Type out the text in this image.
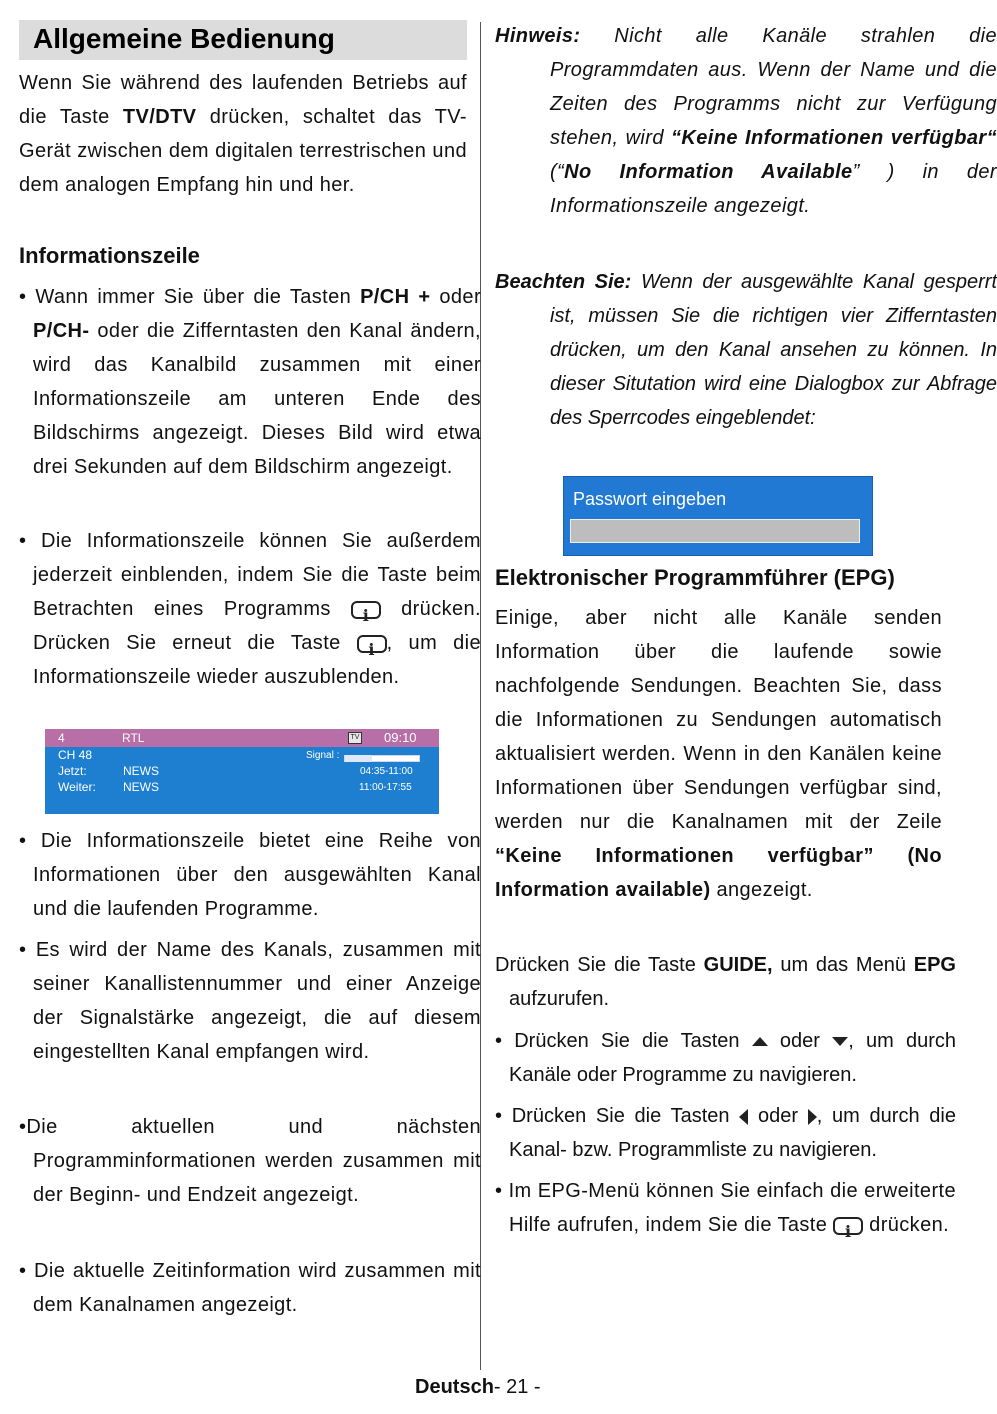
Allgemeine Bedienung
Wenn Sie während des laufenden Betriebs auf die Taste TV/DTV drücken, schaltet das TV-Gerät zwischen dem digitalen terrestrischen und dem analogen Empfang hin und her.
Informationszeile
• Wann immer Sie über die Tasten P/CH + oder P/CH- oder die Zifferntasten den Kanal ändern, wird das Kanalbild zusammen mit einer Informationszeile am unteren Ende des Bildschirms angezeigt. Dieses Bild wird etwa drei Sekunden auf dem Bildschirm angezeigt.
• Die Informationszeile können Sie außerdem jederzeit einblenden, indem Sie die Taste beim Betrachten eines Programms i drücken. Drücken Sie erneut die Taste i, um die Informationszeile wieder auszublenden.
4	RTL	TV 09:10
CH 48	Signal :
Jetzt:	NEWS	04:35-11:00
Weiter: NEWS	11:00-17:55
• Die Informationszeile bietet eine Reihe von Informationen über den ausgewählten Kanal und die laufenden Programme.
• Es wird der Name des Kanals, zusammen mit seiner Kanallistennummer und einer Anzeige der Signalstärke angezeigt, die auf diesem eingestellten Kanal empfangen wird.
•Die aktuellen und nächsten Programminformationen werden zusammen mit der Beginn- und Endzeit angezeigt.
• Die aktuelle Zeitinformation wird zusammen mit dem Kanalnamen angezeigt.
Hinweis: Nicht alle Kanäle strahlen die Programmdaten aus. Wenn der Name und die Zeiten des Programms nicht zur Verfügung stehen, wird “Keine Informationen verfügbar“ (“No Information Available” ) in der Informationszeile angezeigt.
Beachten Sie: Wenn der ausgewählte Kanal gesperrt ist, müssen Sie die richtigen vier Zifferntasten drücken, um den Kanal ansehen zu können. In dieser Situtation wird eine Dialogbox zur Abfrage des Sperrcodes eingeblendet:
Passwort eingeben
Elektronischer Programmführer (EPG)
Einige, aber nicht alle Kanäle senden Information über die laufende sowie nachfolgende Sendungen. Beachten Sie, dass die Informationen zu Sendungen automatisch aktualisiert werden. Wenn in den Kanälen keine Informationen über Sendungen verfügbar sind, werden nur die Kanalnamen mit der Zeile “Keine Informationen verfügbar” (No Information available) angezeigt.
Drücken Sie die Taste GUIDE, um das Menü EPG aufzurufen.
• Drücken Sie die Tasten  oder , um durch Kanäle oder Programme zu navigieren.
• Drücken Sie die Tasten  oder , um durch die Kanal- bzw. Programmliste zu navigieren.
• Im EPG-Menü können Sie einfach die erweiterte Hilfe aufrufen, indem Sie die Taste i drücken.
Deutsch- 21 -
